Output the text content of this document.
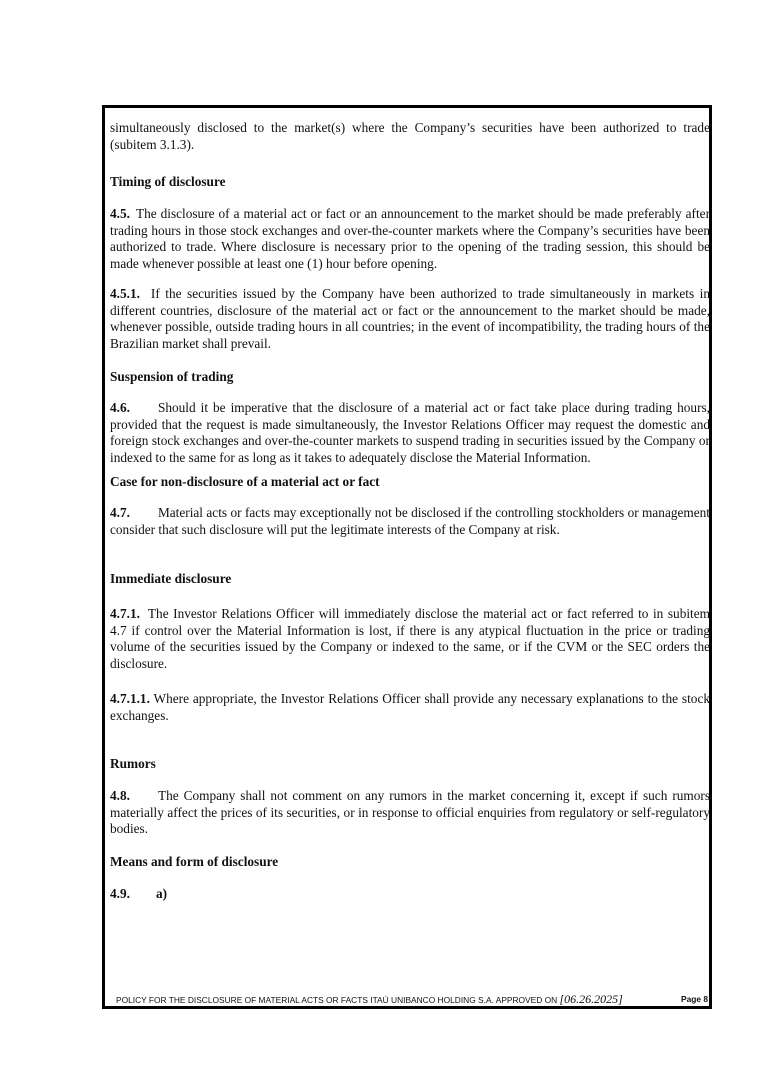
simultaneously disclosed to the market(s) where the Company’s securities have been authorized to trade (subitem 3.1.3).

Timing of disclosure

4.5. The disclosure of a material act or fact or an announcement to the market should be made preferably after trading hours in those stock exchanges and over-the-counter markets where the Company’s securities have been authorized to trade. Where disclosure is necessary prior to the opening of the trading session, this should be made whenever possible at least one (1) hour before opening.

4.5.1. If the securities issued by the Company have been authorized to trade simultaneously in markets in different countries, disclosure of the material act or fact or the announcement to the market should be made, whenever possible, outside trading hours in all countries; in the event of incompatibility, the trading hours of the Brazilian market shall prevail.

Suspension of trading

4.6. Should it be imperative that the disclosure of a material act or fact take place during trading hours, provided that the request is made simultaneously, the Investor Relations Officer may request the domestic and foreign stock exchanges and over-the-counter markets to suspend trading in securities issued by the Company or indexed to the same for as long as it takes to adequately disclose the Material Information.

Case for non-disclosure of a material act or fact

4.7. Material acts or facts may exceptionally not be disclosed if the controlling stockholders or management consider that such disclosure will put the legitimate interests of the Company at risk.

Immediate disclosure

4.7.1. The Investor Relations Officer will immediately disclose the material act or fact referred to in subitem 4.7 if control over the Material Information is lost, if there is any atypical fluctuation in the price or trading volume of the securities issued by the Company or indexed to the same, or if the CVM or the SEC orders the disclosure.

4.7.1.1. Where appropriate, the Investor Relations Officer shall provide any necessary explanations to the stock exchanges.

Rumors

4.8. The Company shall not comment on any rumors in the market concerning it, except if such rumors materially affect the prices of its securities, or in response to official enquiries from regulatory or self-regulatory bodies.

Means and form of disclosure

4.9. a)

POLICY FOR THE DISCLOSURE OF MATERIAL ACTS OR FACTS ITAÚ UNIBANCO HOLDING S.A. APPROVED ON [06.26.2025]	Page 8
